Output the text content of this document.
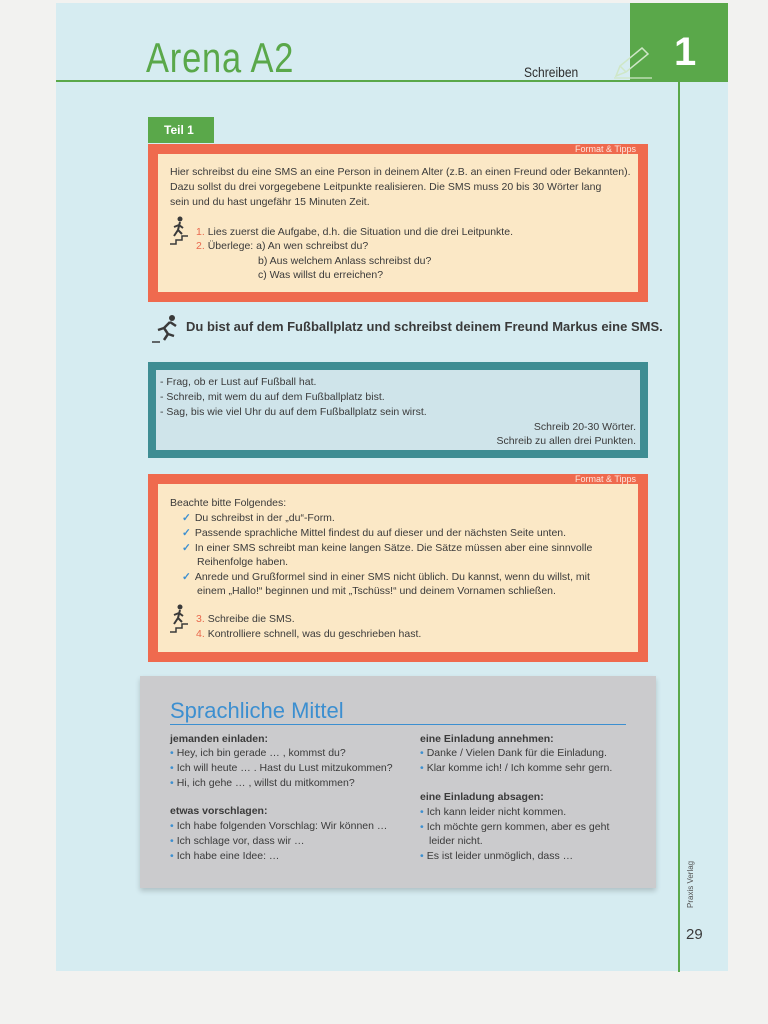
Arena A2	Schreiben 1
Teil 1
Format & Tipps
Hier schreibst du eine SMS an eine Person in deinem Alter (z.B. an einen Freund oder Bekannten).
Dazu sollst du drei vorgegebene Leitpunkte realisieren. Die SMS muss 20 bis 30 Wörter lang
sein und du hast ungefähr 15 Minuten Zeit.
1. Lies zuerst die Aufgabe, d.h. die Situation und die drei Leitpunkte.
2. Überlege: a) An wen schreibst du?
b) Aus welchem Anlass schreibst du?
c) Was willst du erreichen?
Du bist auf dem Fußballplatz und schreibst deinem Freund Markus eine SMS.
- Frag, ob er Lust auf Fußball hat.
- Schreib, mit wem du auf dem Fußballplatz bist.
- Sag, bis wie viel Uhr du auf dem Fußballplatz sein wirst.
Schreib 20-30 Wörter.
Schreib zu allen drei Punkten.
Format & Tipps
Beachte bitte Folgendes:
✓ Du schreibst in der „du“-Form.
✓ Passende sprachliche Mittel findest du auf dieser und der nächsten Seite unten.
✓ In einer SMS schreibt man keine langen Sätze. Die Sätze müssen aber eine sinnvolle
Reihenfolge haben.
✓ Anrede und Grußformel sind in einer SMS nicht üblich. Du kannst, wenn du willst, mit
einem „Hallo!“ beginnen und mit „Tschüss!“ und deinem Vornamen schließen.
3. Schreibe die SMS.
4. Kontrolliere schnell, was du geschrieben hast.
Sprachliche Mittel
jemanden einladen:
• Hey, ich bin gerade … , kommst du?
• Ich will heute … . Hast du Lust mitzukommen?
• Hi, ich gehe … , willst du mitkommen?
etwas vorschlagen:
• Ich habe folgenden Vorschlag: Wir können …
• Ich schlage vor, dass wir …
• Ich habe eine Idee: …
eine Einladung annehmen:
• Danke / Vielen Dank für die Einladung.
• Klar komme ich! / Ich komme sehr gern.
eine Einladung absagen:
• Ich kann leider nicht kommen.
• Ich möchte gern kommen, aber es geht
leider nicht.
• Es ist leider unmöglich, dass …
Praxis Verlag
29
